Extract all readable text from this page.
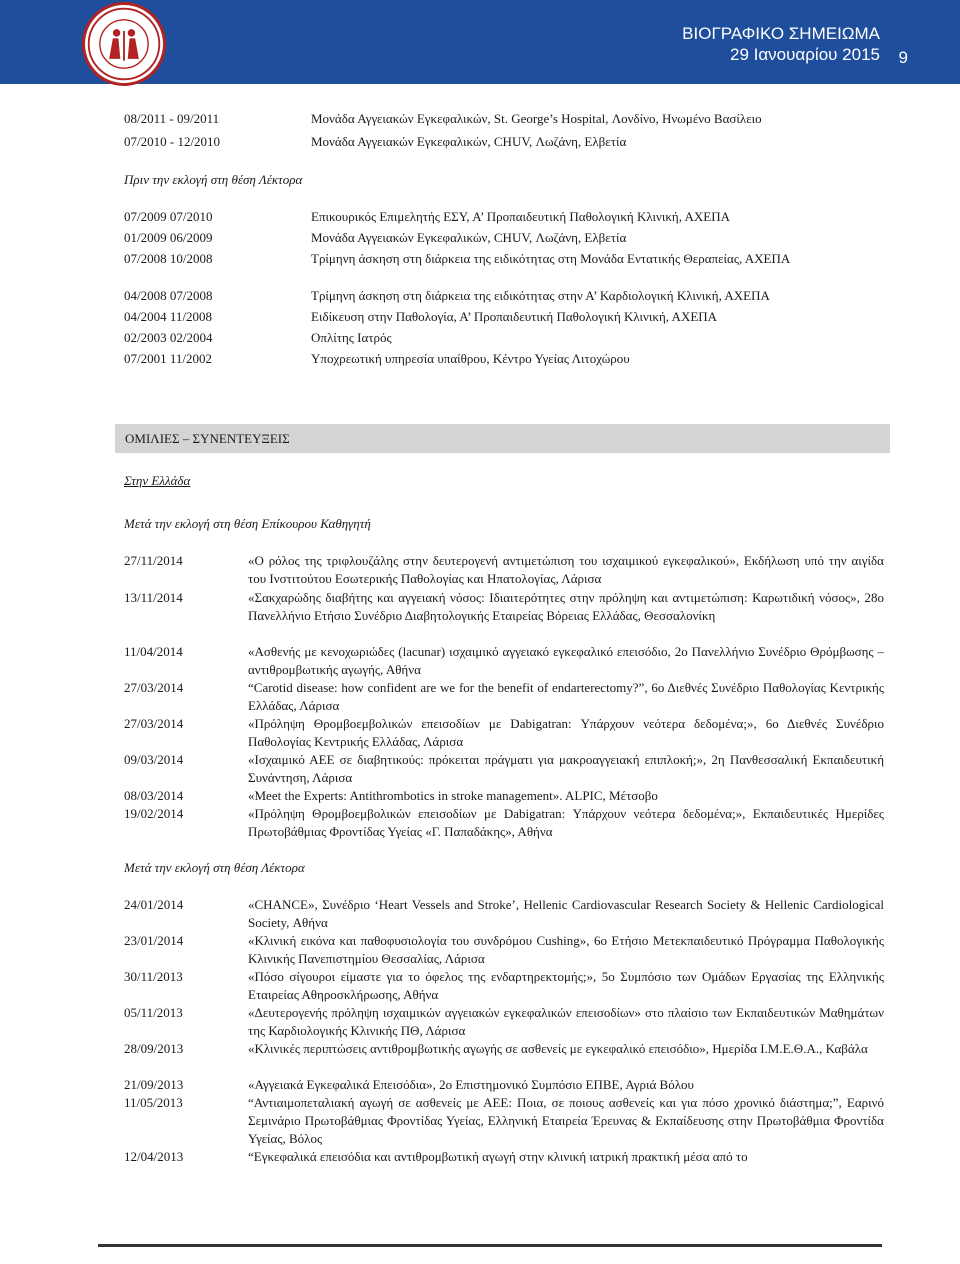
ΒΙΟΓΡΑΦΙΚΟ ΣΗΜΕΙΩΜΑ
29 Ιανουαρίου 2015 9
08/2011 - 09/2011	Μονάδα Αγγειακών Εγκεφαλικών, St. George’s Hospital, Λονδίνο, Ηνωμένο Βασίλειο
07/2010 - 12/2010	Μονάδα Αγγειακών Εγκεφαλικών, CHUV, Λωζάνη, Ελβετία
Πριν την εκλογή στη θέση Λέκτορα
07/2009 07/2010	Επικουρικός Επιμελητής ΕΣΥ, Α’ Προπαιδευτική Παθολογική Κλινική, ΑΧΕΠΑ
01/2009 06/2009	Μονάδα Αγγειακών Εγκεφαλικών, CHUV, Λωζάνη, Ελβετία
07/2008 10/2008	Τρίμηνη άσκηση στη διάρκεια της ειδικότητας στη Μονάδα Εντατικής Θεραπείας, ΑΧΕΠΑ
04/2008 07/2008	Τρίμηνη άσκηση στη διάρκεια της ειδικότητας στην Α’ Καρδιολογική Κλινική, ΑΧΕΠΑ
04/2004 11/2008	Ειδίκευση στην Παθολογία, Α’ Προπαιδευτική Παθολογική Κλινική, ΑΧΕΠΑ
02/2003 02/2004	Οπλίτης Ιατρός
07/2001 11/2002	Υποχρεωτική υπηρεσία υπαίθρου, Κέντρο Υγείας Λιτοχώρου
ΟΜΙΛΙΕΣ – ΣΥΝΕΝΤΕΥΞΕΙΣ
Στην Ελλάδα
Μετά την εκλογή στη θέση Επίκουρου Καθηγητή
27/11/2014	«Ο ρόλος της τριφλουζάλης στην δευτερογενή αντιμετώπιση του ισχαιμικού εγκεφαλικού», Εκδήλωση υπό την αιγίδα του Ινστιτούτου Εσωτερικής Παθολογίας και Ηπατολογίας, Λάρισα
13/11/2014	«Σακχαρώδης διαβήτης και αγγειακή νόσος: Ιδιαιτερότητες στην πρόληψη και αντιμετώπιση: Καρωτιδική νόσος», 28ο Πανελλήνιο Ετήσιο Συνέδριο Διαβητολογικής Εταιρείας Βόρειας Ελλάδας, Θεσσαλονίκη
11/04/2014	«Ασθενής με κενοχωριώδες (lacunar) ισχαιμικό αγγειακό εγκεφαλικό επεισόδιο, 2ο Πανελλήνιο Συνέδριο Θρόμβωσης – αντιθρομβωτικής αγωγής, Αθήνα
27/03/2014	“Carotid disease: how confident are we for the benefit of endarterectomy?”, 6ο Διεθνές Συνέδριο Παθολογίας Κεντρικής Ελλάδας, Λάρισα
27/03/2014	«Πρόληψη Θρομβοεμβολικών επεισοδίων με Dabigatran: Υπάρχουν νεότερα δεδομένα;», 6ο Διεθνές Συνέδριο Παθολογίας Κεντρικής Ελλάδας, Λάρισα
09/03/2014	«Ισχαιμικό ΑΕΕ σε διαβητικούς: πρόκειται πράγματι για μακροαγγειακή επιπλοκή;», 2η Πανθεσσαλική Εκπαιδευτική Συνάντηση, Λάρισα
08/03/2014	«Meet the Experts: Antithrombotics in stroke management». ALPIC, Μέτσοβο
19/02/2014	«Πρόληψη Θρομβοεμβολικών επεισοδίων με Dabigatran: Υπάρχουν νεότερα δεδομένα;», Εκπαιδευτικές Ημερίδες Πρωτοβάθμιας Φροντίδας Υγείας «Γ. Παπαδάκης», Αθήνα
Μετά την εκλογή στη θέση Λέκτορα
24/01/2014	«CHANCE», Συνέδριο ‘Heart Vessels and Stroke’, Hellenic Cardiovascular Research Society & Hellenic Cardiological Society, Αθήνα
23/01/2014	«Κλινική εικόνα και παθοφυσιολογία του συνδρόμου Cushing», 6ο Ετήσιο Μετεκπαιδευτικό Πρόγραμμα Παθολογικής Κλινικής Πανεπιστημίου Θεσσαλίας, Λάρισα
30/11/2013	«Πόσο σίγουροι είμαστε για το όφελος της ενδαρτηρεκτομής;», 5ο Συμπόσιο των Ομάδων Εργασίας της Ελληνικής Εταιρείας Αθηροσκλήρωσης, Αθήνα
05/11/2013	«Δευτερογενής πρόληψη ισχαιμικών αγγειακών εγκεφαλικών επεισοδίων» στο πλαίσιο των Εκπαιδευτικών Μαθημάτων της Καρδιολογικής Κλινικής ΠΘ, Λάρισα
28/09/2013	«Κλινικές περιπτώσεις αντιθρομβωτικής αγωγής σε ασθενείς με εγκεφαλικό επεισόδιο», Ημερίδα Ι.Μ.Ε.Θ.Α., Καβάλα
21/09/2013	«Αγγειακά Εγκεφαλικά Επεισόδια», 2ο Επιστημονικό Συμπόσιο ΕΠΒΕ, Αγριά Βόλου
11/05/2013	“Αντιαιμοπεταλιακή αγωγή σε ασθενείς με ΑΕΕ: Ποια, σε ποιους ασθενείς και για πόσο χρονικό διάστημα;”, Εαρινό Σεμινάριο Πρωτοβάθμιας Φροντίδας Υγείας, Ελληνική Εταιρεία Έρευνας & Εκπαίδευσης στην Πρωτοβάθμια Φροντίδα Υγείας, Βόλος
12/04/2013	“Εγκεφαλικά επεισόδια και αντιθρομβωτική αγωγή στην κλινική ιατρική πρακτική μέσα από το
